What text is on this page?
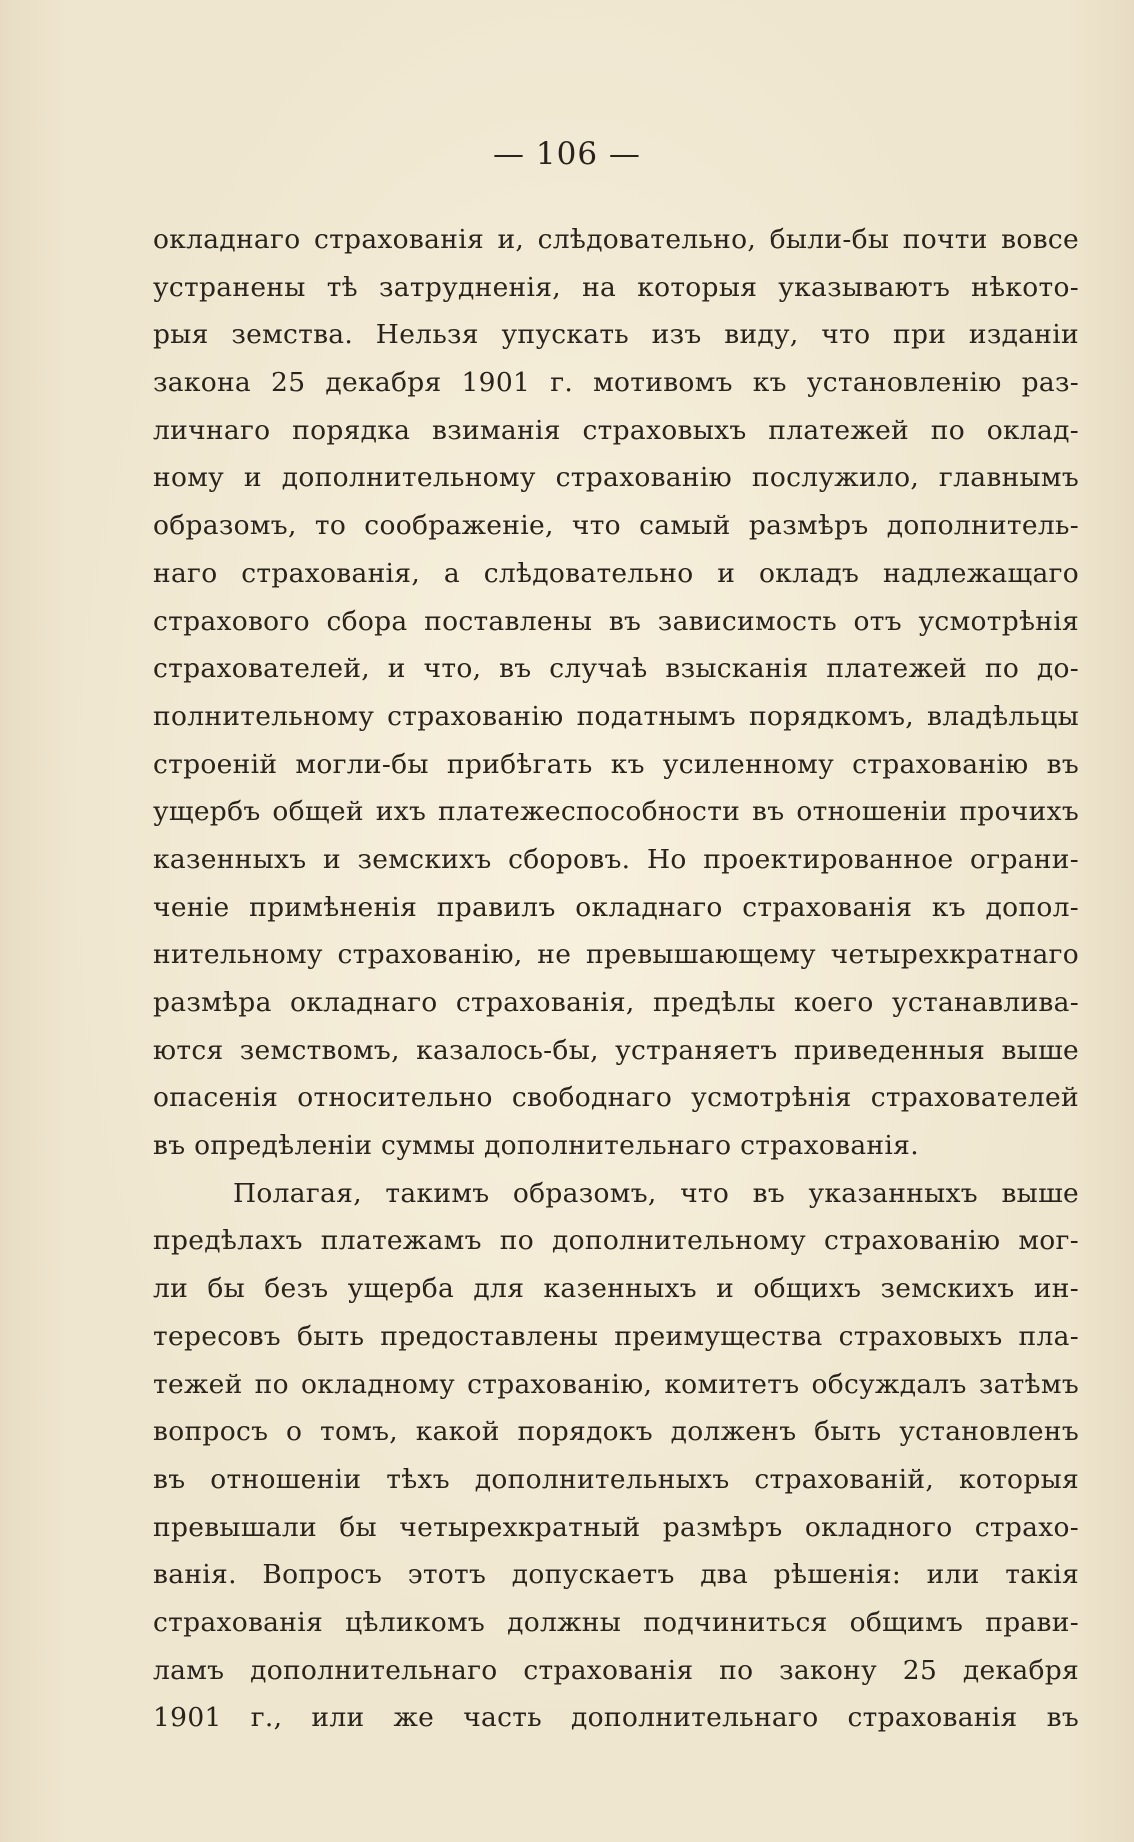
— 106 —
окладнаго страхованія и, слѣдовательно, были-бы почти вовсе
устранены тѣ затрудненія, на которыя указываютъ нѣкото-
рыя земства. Нельзя упускать изъ виду, что при изданіи
закона 25 декабря 1901 г. мотивомъ къ установленію раз-
личнаго порядка взиманія страховыхъ платежей по оклад-
ному и дополнительному страхованію послужило, главнымъ
образомъ, то соображеніе, что самый размѣръ дополнитель-
наго страхованія, а слѣдовательно и окладъ надлежащаго
страхового сбора поставлены въ зависимость отъ усмотрѣнія
страхователей, и что, въ случаѣ взысканія платежей по до-
полнительному страхованію податнымъ порядкомъ, владѣльцы
строеній могли-бы прибѣгать къ усиленному страхованію въ
ущербъ общей ихъ платежеспособности въ отношеніи прочихъ
казенныхъ и земскихъ сборовъ. Но проектированное ограни-
ченіе примѣненія правилъ окладнаго страхованія къ допол-
нительному страхованію, не превышающему четырехкратнаго
размѣра окладнаго страхованія, предѣлы коего устанавлива-
ются земствомъ, казалось-бы, устраняетъ приведенныя выше
опасенія относительно свободнаго усмотрѣнія страхователей
въ опредѣленіи суммы дополнительнаго страхованія.
Полагая, такимъ образомъ, что въ указанныхъ выше
предѣлахъ платежамъ по дополнительному страхованію мог-
ли бы безъ ущерба для казенныхъ и общихъ земскихъ ин-
тересовъ быть предоставлены преимущества страховыхъ пла-
тежей по окладному страхованію, комитетъ обсуждалъ затѣмъ
вопросъ о томъ, какой порядокъ долженъ быть установленъ
въ отношеніи тѣхъ дополнительныхъ страхованій, которыя
превышали бы четырехкратный размѣръ окладного страхо-
ванія. Вопросъ этотъ допускаетъ два рѣшенія: или такія
страхованія цѣликомъ должны подчиниться общимъ прави-
ламъ дополнительнаго страхованія по закону 25 декабря
1901 г., или же часть дополнительнаго страхованія въ
